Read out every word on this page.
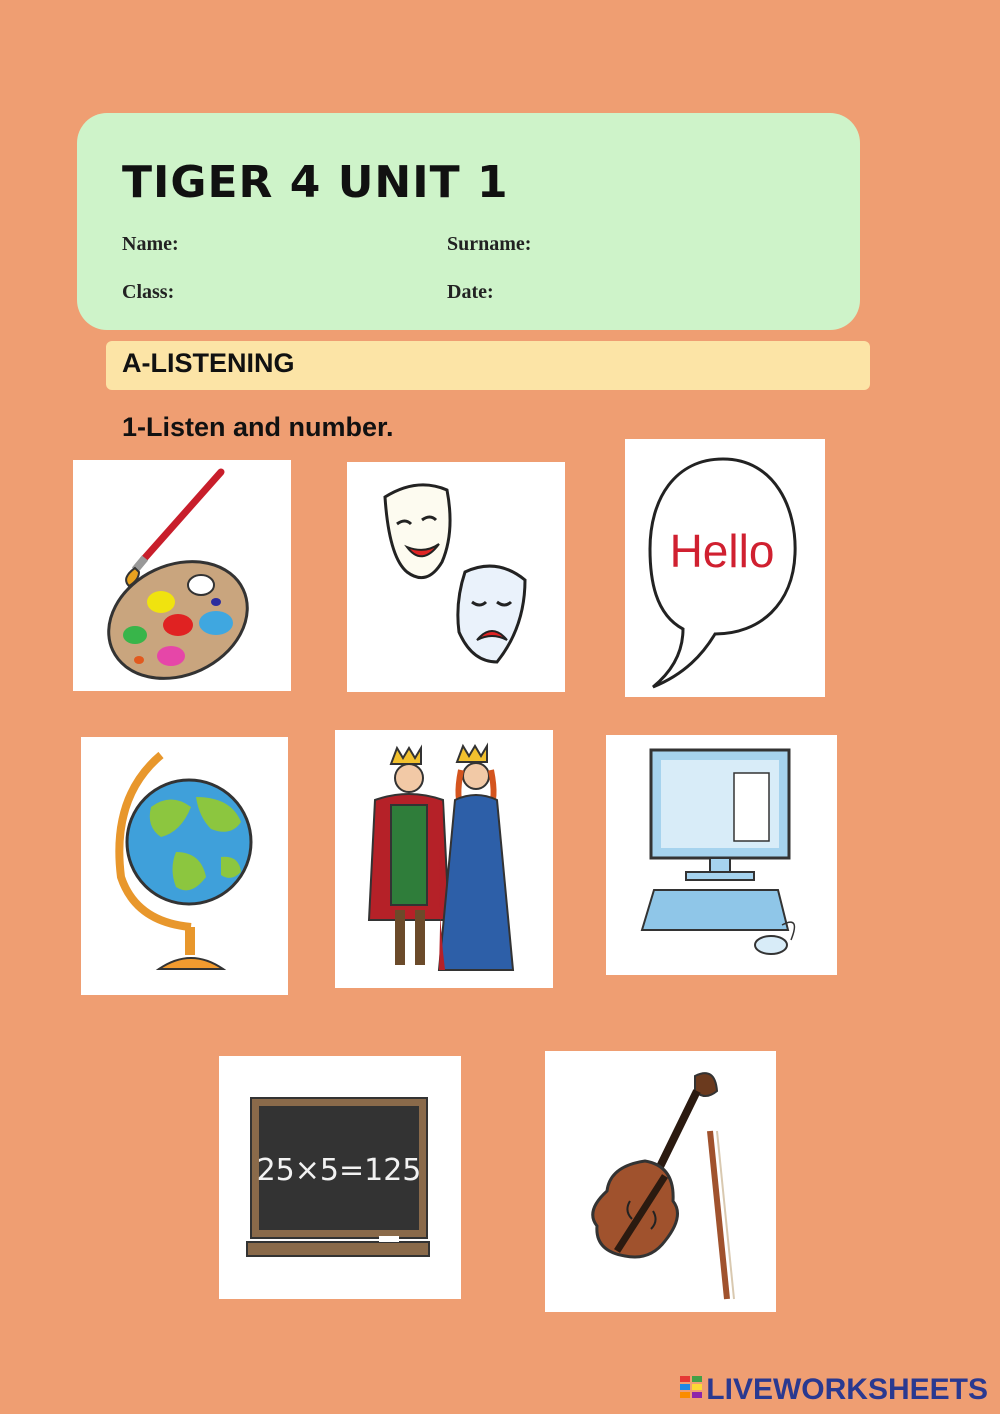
TIGER 4 UNIT 1
Name:	Surname:
Class:	Date:
A-LISTENING
1-Listen and number.
Hello
25×5=125
LIVEWORKSHEETS
